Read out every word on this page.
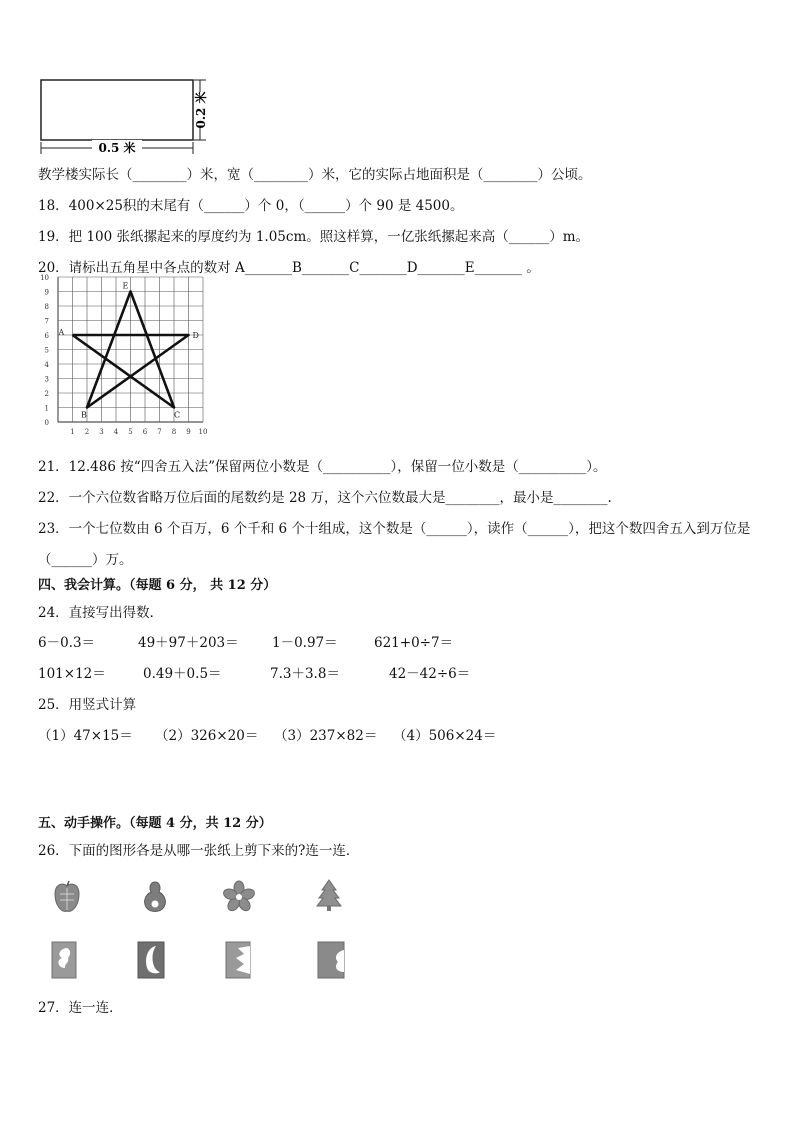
0.5 米
0.2 米
教学楼实际长（________）米，宽（________）米，它的实际占地面积是（________）公顷。
18．400×25积的末尾有（______）个 0，（______）个 90 是 4500。
19．把 100 张纸摞起来的厚度约为 1.05cm。照这样算，一亿张纸摞起来高（______）m。
20．请标出五角星中各点的数对 A_______B_______C_______D_______E_______ 。
1 2 3 4 5 6 7 8 9 10
0
1
2
3
4
5
6
7
8
9
10
A
B	C
D
E
21．12.486 按“四舍五入法”保留两位小数是（__________），保留一位小数是（__________）。
22．一个六位数省略万位后面的尾数约是 28 万，这个六位数最大是________，最小是________.
23．一个七位数由 6 个百万，6 个千和 6 个十组成，这个数是（______），读作（______），把这个数四舍五入到万位是
（______）万。
四、我会计算。（每题 6 分， 共 12 分）
24．直接写出得数．
6－0.3＝	49＋97＋203＝ 1－0.97＝	621+0÷7＝
101×12＝	0.49＋0.5＝	7.3＋3.8＝	42－42÷6＝
25．用竖式计算
（1）47×15＝ （2）326×20＝ （3）237×82＝ （4）506×24＝
五、动手操作。（每题 4 分，共 12 分）
26．下面的图形各是从哪一张纸上剪下来的?连一连．
27．连一连．
